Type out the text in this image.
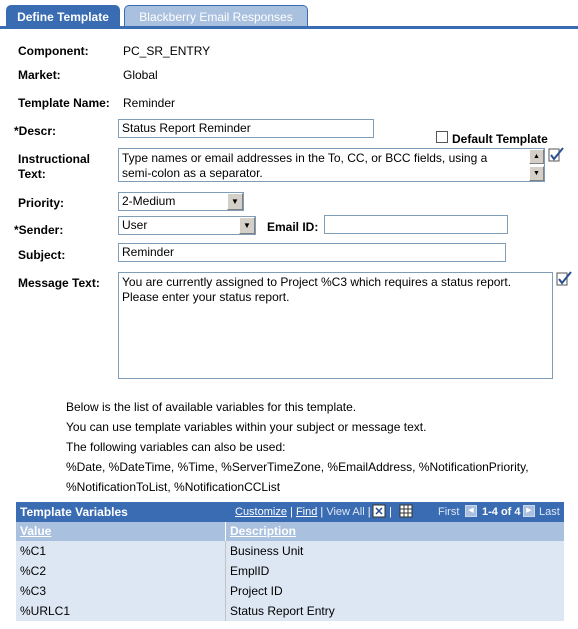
Define Template	Blackberry Email Responses
Component:	PC_SR_ENTRY
Market:	Global
Template Name: Reminder
*Descr:	Status Report Reminder
Default Template
Instructional
Text:
Type names or email addresses in the To, CC, or BCC fields, using a
semi-colon as a separator.
▲
▼
Priority:	2-Medium	▼
*Sender:	User	▼	Email ID:
Subject:	Reminder
Message Text: You are currently assigned to Project %C3 which requires a status report.
Please enter your status report.
Below is the list of available variables for this template.
You can use template variables within your subject or message text.
The following variables can also be used:
%Date, %DateTime, %Time, %ServerTimeZone, %EmailAddress, %NotificationPriority,
%NotificationToList, %NotificationCCList
Template Variables	Customize | Find | View All | |	First	◀ 1-4 of 4 ▶ Last
Value	Description
%C1	Business Unit
%C2	EmplID
%C3	Project ID
%URLC1	Status Report Entry
